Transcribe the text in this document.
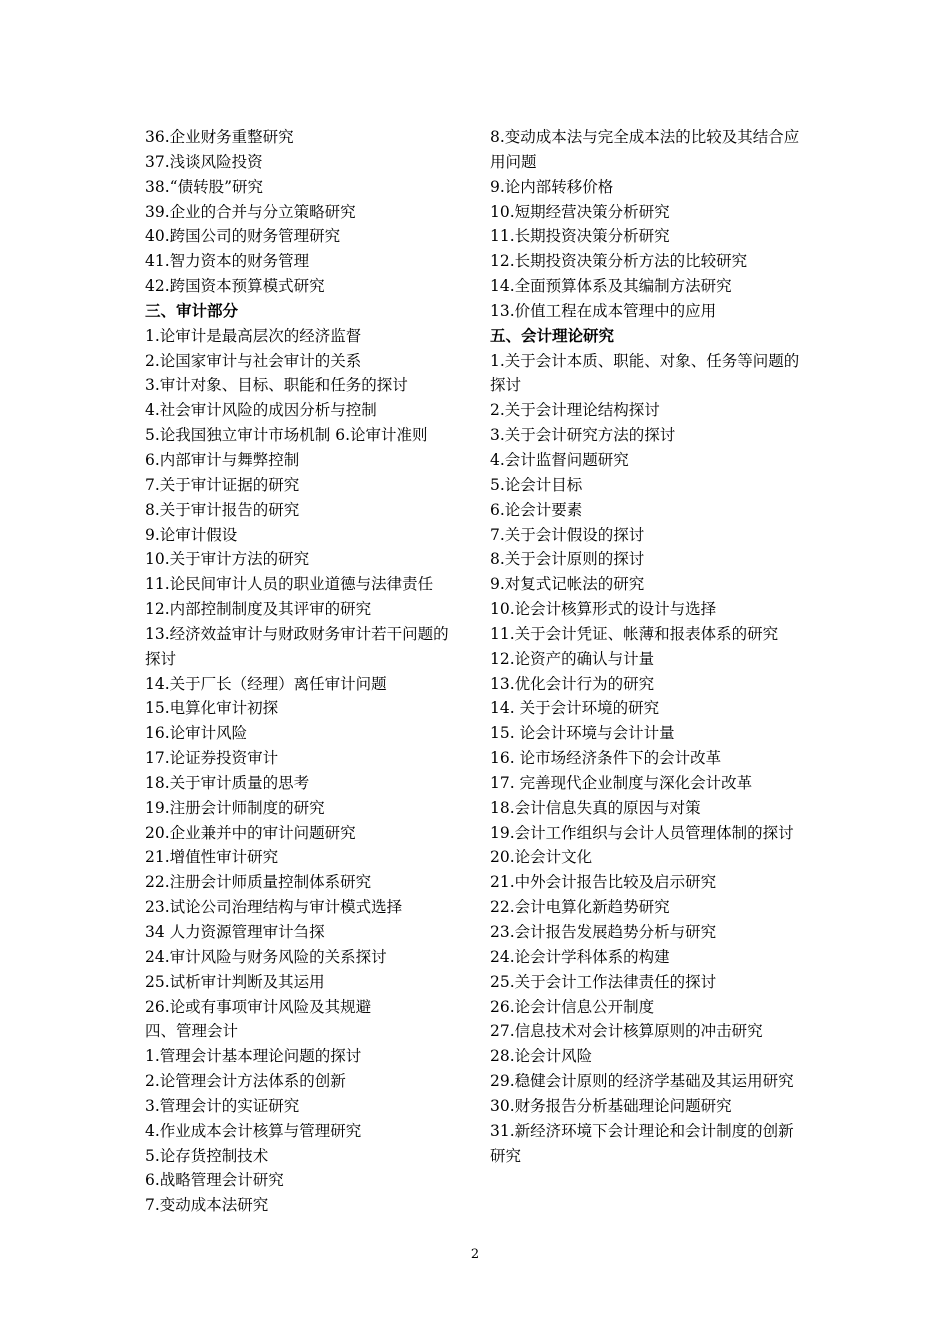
36.企业财务重整研究
37.浅谈风险投资
38.“债转股”研究
39.企业的合并与分立策略研究
40.跨国公司的财务管理研究
41.智力资本的财务管理
42.跨国资本预算模式研究
三、审计部分
1.论审计是最高层次的经济监督
2.论国家审计与社会审计的关系
3.审计对象、目标、职能和任务的探讨
4.社会审计风险的成因分析与控制
5.论我国独立审计市场机制 6.论审计准则
6.内部审计与舞弊控制
7.关于审计证据的研究
8.关于审计报告的研究
9.论审计假设
10.关于审计方法的研究
11.论民间审计人员的职业道德与法律责任
12.内部控制制度及其评审的研究
13.经济效益审计与财政财务审计若干问题的探讨
14.关于厂长（经理）离任审计问题
15.电算化审计初探
16.论审计风险
17.论证券投资审计
18.关于审计质量的思考
19.注册会计师制度的研究
20.企业兼并中的审计问题研究
21.增值性审计研究
22.注册会计师质量控制体系研究
23.试论公司治理结构与审计模式选择
34 人力资源管理审计刍探
24.审计风险与财务风险的关系探讨
25.试析审计判断及其运用
26.论或有事项审计风险及其规避
四、管理会计
1.管理会计基本理论问题的探讨
2.论管理会计方法体系的创新
3.管理会计的实证研究
4.作业成本会计核算与管理研究
5.论存货控制技术
6.战略管理会计研究
7.变动成本法研究
8.变动成本法与完全成本法的比较及其结合应用问题
9.论内部转移价格
10.短期经营决策分析研究
11.长期投资决策分析研究
12.长期投资决策分析方法的比较研究
14.全面预算体系及其编制方法研究
13.价值工程在成本管理中的应用
五、会计理论研究
1.关于会计本质、职能、对象、任务等问题的探讨
2.关于会计理论结构探讨
3.关于会计研究方法的探讨
4.会计监督问题研究
5.论会计目标
6.论会计要素
7.关于会计假设的探讨
8.关于会计原则的探讨
9.对复式记帐法的研究
10.论会计核算形式的设计与选择
11.关于会计凭证、帐薄和报表体系的研究
12.论资产的确认与计量
13.优化会计行为的研究
14. 关于会计环境的研究
15. 论会计环境与会计计量
16. 论市场经济条件下的会计改革
17. 完善现代企业制度与深化会计改革
18.会计信息失真的原因与对策
19.会计工作组织与会计人员管理体制的探讨
20.论会计文化
21.中外会计报告比较及启示研究
22.会计电算化新趋势研究
23.会计报告发展趋势分析与研究
24.论会计学科体系的构建
25.关于会计工作法律责任的探讨
26.论会计信息公开制度
27.信息技术对会计核算原则的冲击研究
28.论会计风险
29.稳健会计原则的经济学基础及其运用研究
30.财务报告分析基础理论问题研究
31.新经济环境下会计理论和会计制度的创新研究
2
